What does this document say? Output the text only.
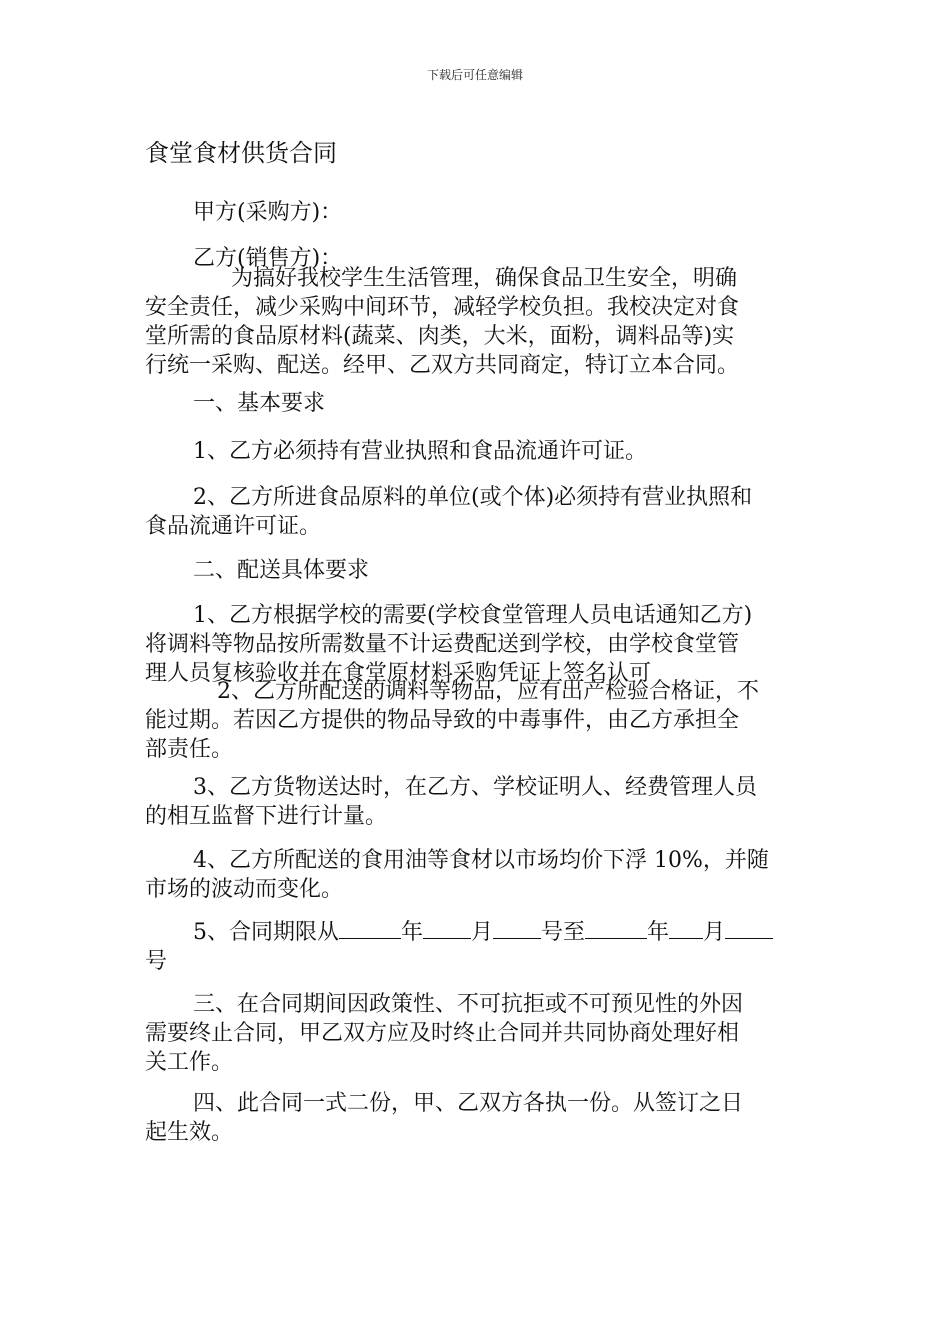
下载后可任意编辑
食堂食材供货合同
甲方(采购方)：
乙方(销售方)：
为搞好我校学生生活管理，确保食品卫生安全，明确
安全责任，减少采购中间环节，减轻学校负担。我校决定对食
堂所需的食品原材料(蔬菜、肉类，大米，面粉，调料品等)实
行统一采购、配送。经甲、乙双方共同商定，特订立本合同。
一、基本要求
1、乙方必须持有营业执照和食品流通许可证。
2、乙方所进食品原料的单位(或个体)必须持有营业执照和
食品流通许可证。
二、配送具体要求
1、乙方根据学校的需要(学校食堂管理人员电话通知乙方)
将调料等物品按所需数量不计运费配送到学校，由学校食堂管
理人员复核验收并在食堂原材料采购凭证上签名认可
2、乙方所配送的调料等物品，应有出产检验合格证，不
能过期。若因乙方提供的物品导致的中毒事件，由乙方承担全
部责任。
3、乙方货物送达时，在乙方、学校证明人、经费管理人员
的相互监督下进行计量。
4、乙方所配送的食用油等食材以市场均价下浮 10%，并随
市场的波动而变化。
5、合同期限从	年 月 号至	年 月
号
三、在合同期间因政策性、不可抗拒或不可预见性的外因
需要终止合同，甲乙双方应及时终止合同并共同协商处理好相
关工作。
四、此合同一式二份，甲、乙双方各执一份。从签订之日
起生效。
